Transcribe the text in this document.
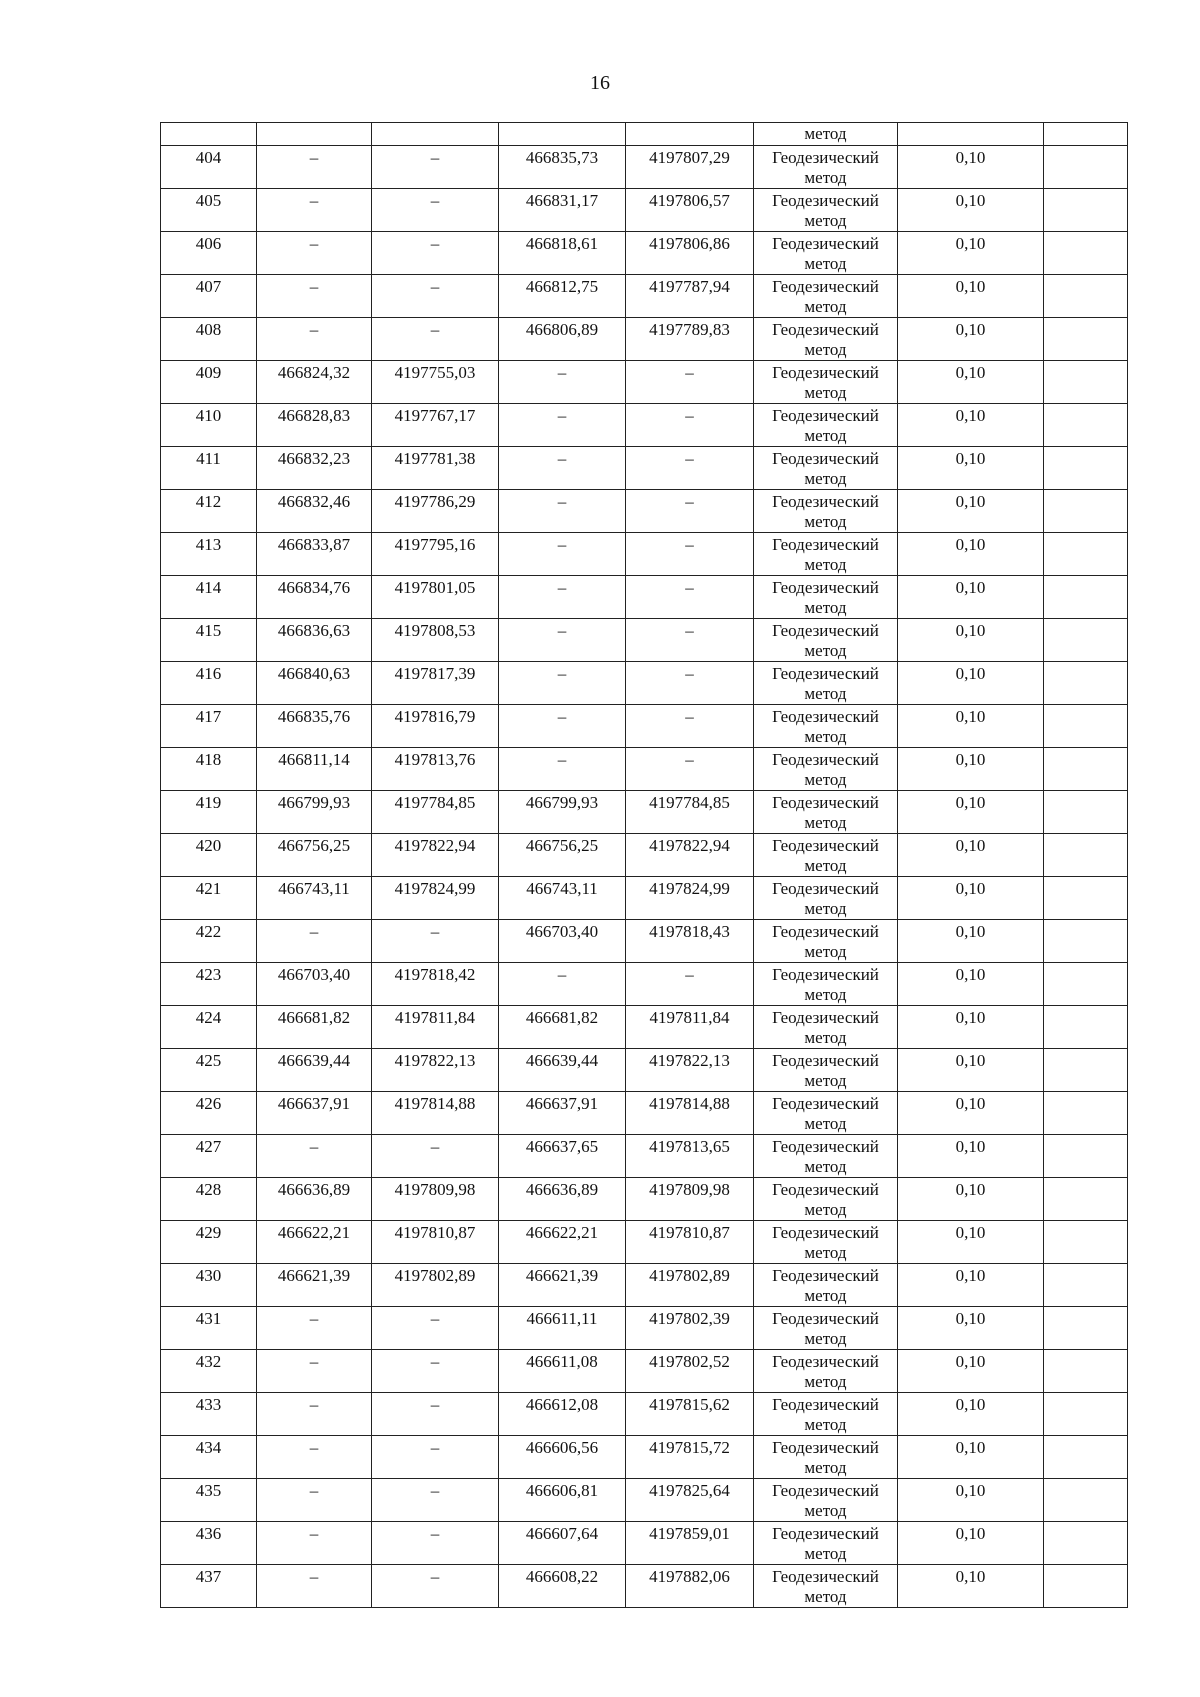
16

					метод		

404	–	–	466835,73	4197807,29	Геодезический
метод	0,10	

405	–	–	466831,17	4197806,57	Геодезический
метод	0,10	

406	–	–	466818,61	4197806,86	Геодезический
метод	0,10	

407	–	–	466812,75	4197787,94	Геодезический
метод	0,10	

408	–	–	466806,89	4197789,83	Геодезический
метод	0,10	

409	466824,32	4197755,03	–	–	Геодезический
метод	0,10	

410	466828,83	4197767,17	–	–	Геодезический
метод	0,10	

411	466832,23	4197781,38	–	–	Геодезический
метод	0,10	

412	466832,46	4197786,29	–	–	Геодезический
метод	0,10	

413	466833,87	4197795,16	–	–	Геодезический
метод	0,10	

414	466834,76	4197801,05	–	–	Геодезический
метод	0,10	

415	466836,63	4197808,53	–	–	Геодезический
метод	0,10	

416	466840,63	4197817,39	–	–	Геодезический
метод	0,10	

417	466835,76	4197816,79	–	–	Геодезический
метод	0,10	

418	466811,14	4197813,76	–	–	Геодезический
метод	0,10	

419	466799,93	4197784,85	466799,93	4197784,85	Геодезический
метод	0,10	

420	466756,25	4197822,94	466756,25	4197822,94	Геодезический
метод	0,10	

421	466743,11	4197824,99	466743,11	4197824,99	Геодезический
метод	0,10	

422	–	–	466703,40	4197818,43	Геодезический
метод	0,10	

423	466703,40	4197818,42	–	–	Геодезический
метод	0,10	

424	466681,82	4197811,84	466681,82	4197811,84	Геодезический
метод	0,10	

425	466639,44	4197822,13	466639,44	4197822,13	Геодезический
метод	0,10	

426	466637,91	4197814,88	466637,91	4197814,88	Геодезический
метод	0,10	

427	–	–	466637,65	4197813,65	Геодезический
метод	0,10	

428	466636,89	4197809,98	466636,89	4197809,98	Геодезический
метод	0,10	

429	466622,21	4197810,87	466622,21	4197810,87	Геодезический
метод	0,10	

430	466621,39	4197802,89	466621,39	4197802,89	Геодезический
метод	0,10	

431	–	–	466611,11	4197802,39	Геодезический
метод	0,10	

432	–	–	466611,08	4197802,52	Геодезический
метод	0,10	

433	–	–	466612,08	4197815,62	Геодезический
метод	0,10	

434	–	–	466606,56	4197815,72	Геодезический
метод	0,10	

435	–	–	466606,81	4197825,64	Геодезический
метод	0,10	

436	–	–	466607,64	4197859,01	Геодезический
метод	0,10	

437	–	–	466608,22	4197882,06	Геодезический
метод	0,10	
